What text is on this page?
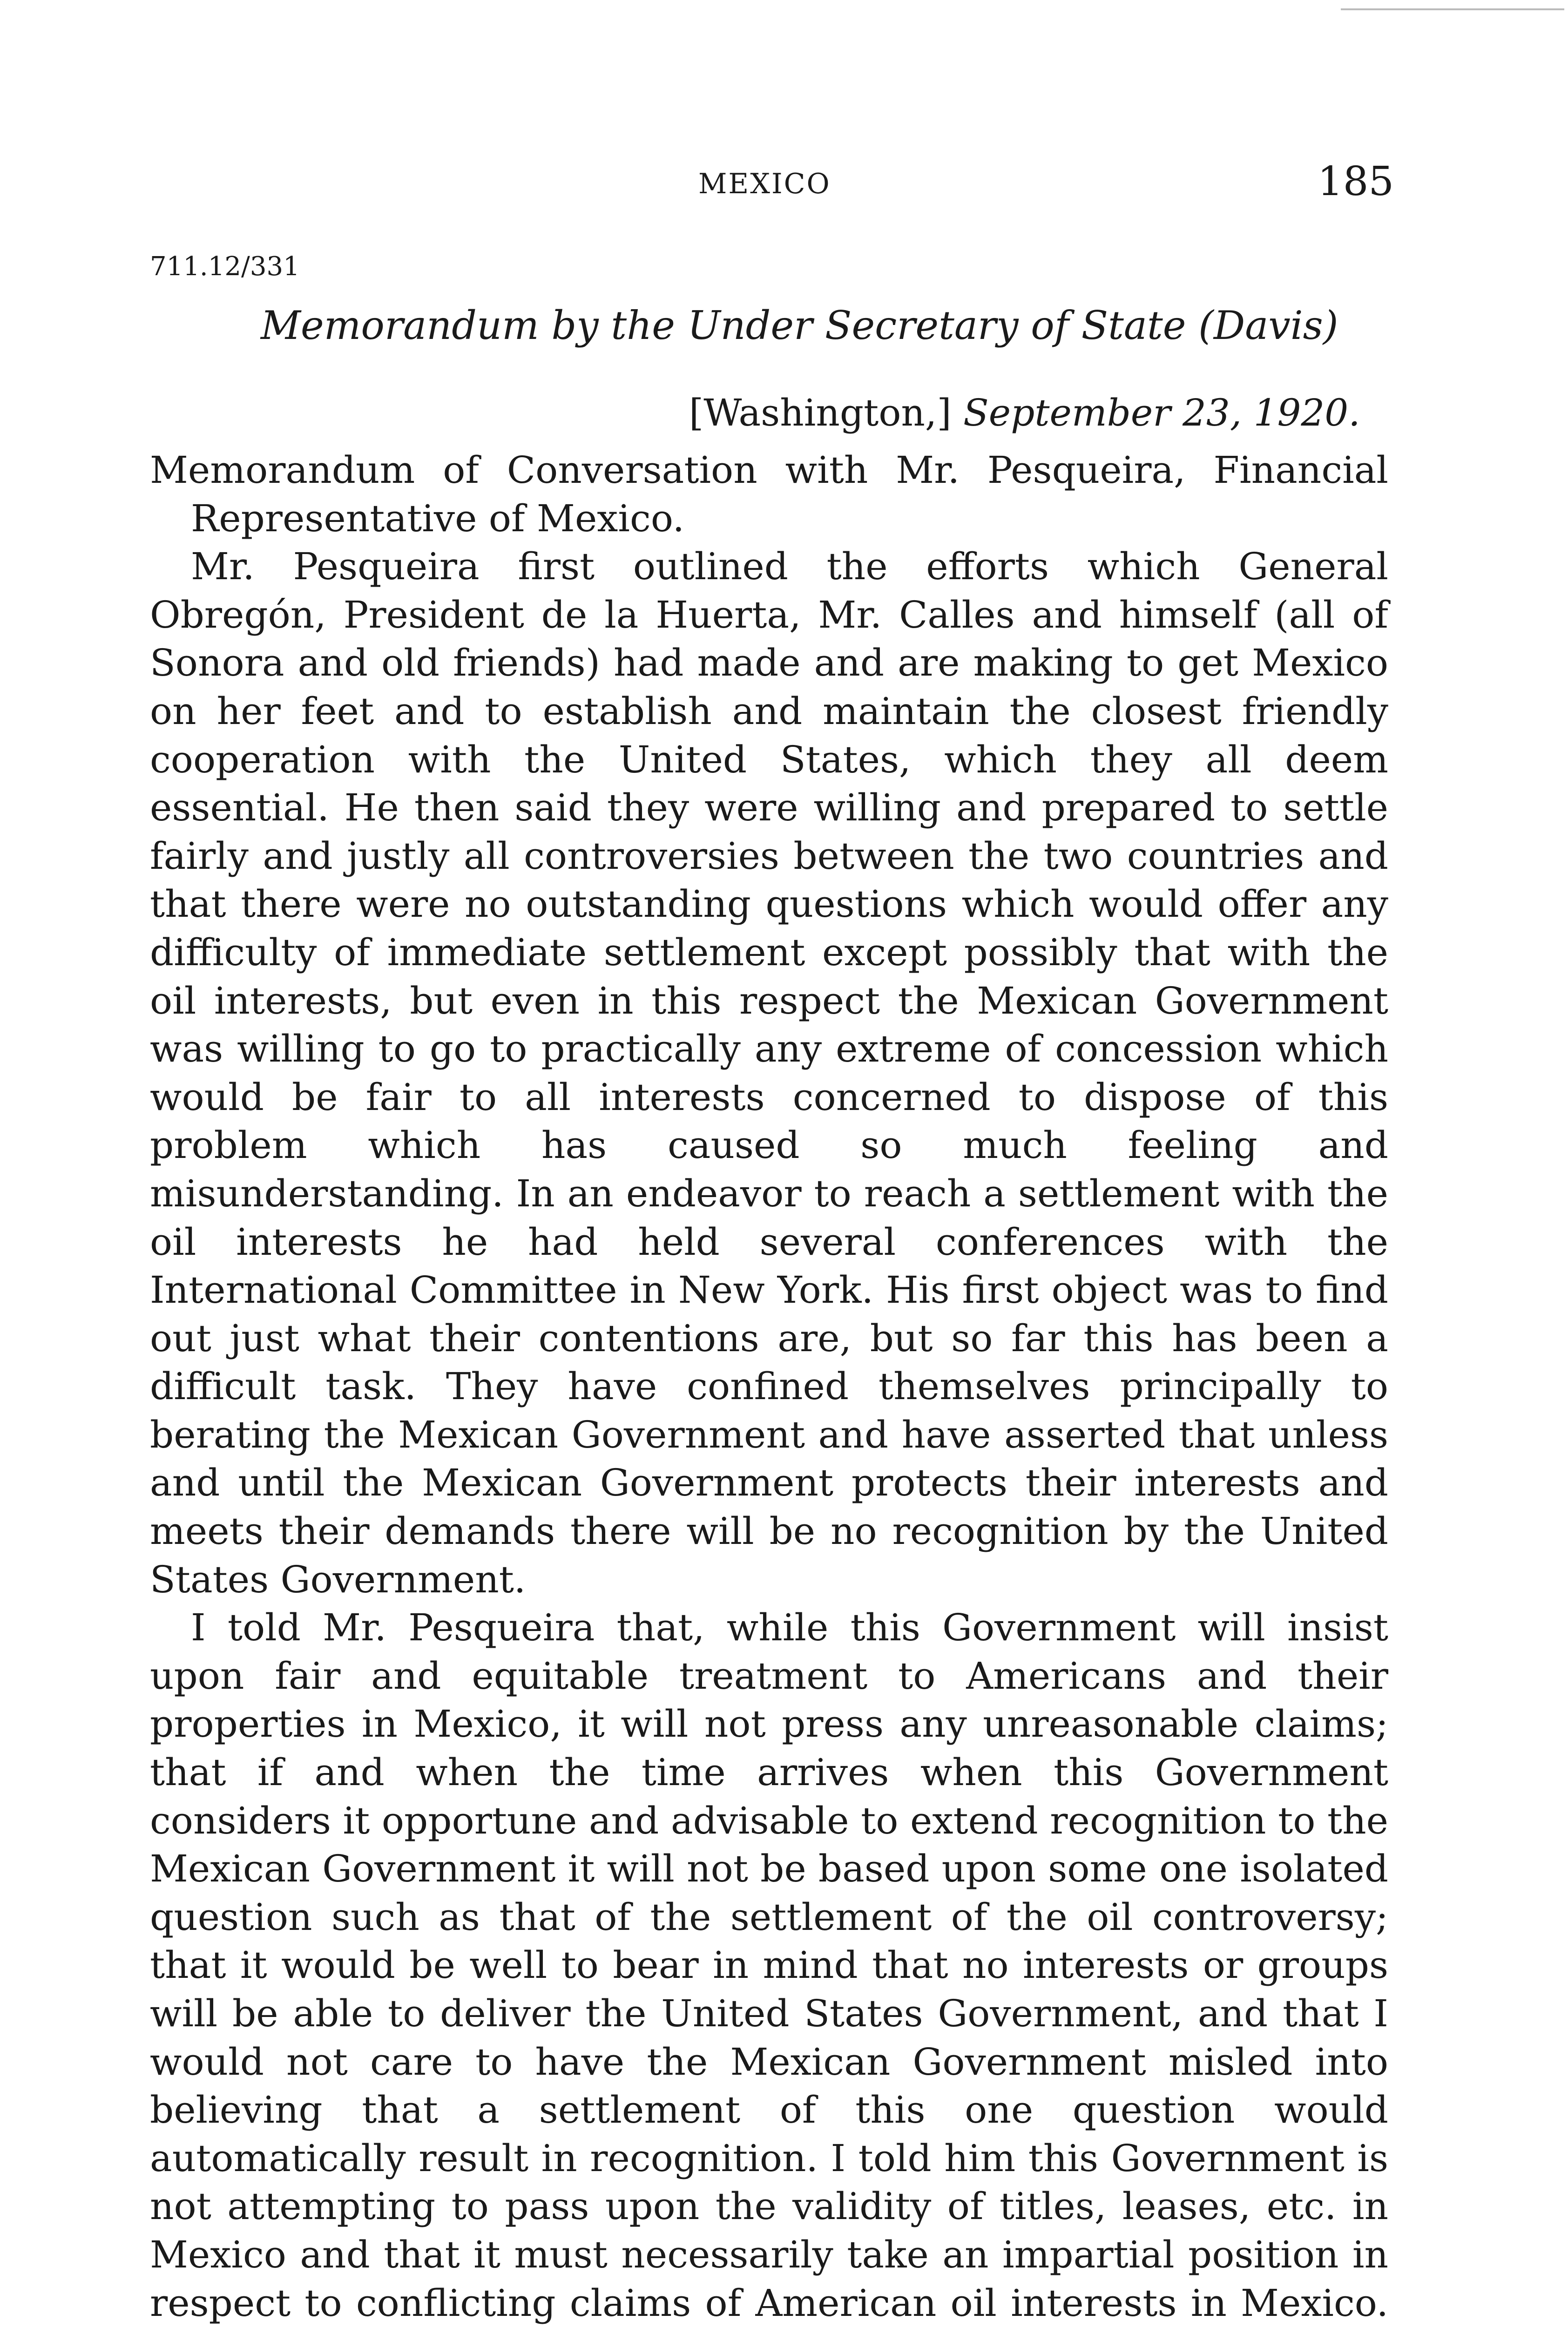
MEXICO	185
711.12/331
Memorandum by the Under Secretary of State (Davis)
[Washington,] September 23, 1920.

Memorandum of Conversation with Mr. Pesqueira, Financial Representative of Mexico.

Mr. Pesqueira first outlined the efforts which General Obregón, President de la Huerta, Mr. Calles and himself (all of Sonora and old friends) had made and are making to get Mexico on her feet and to establish and maintain the closest friendly cooperation with the United States, which they all deem essential. He then said they were willing and prepared to settle fairly and justly all controversies between the two countries and that there were no outstanding questions which would offer any difficulty of immediate settlement except possibly that with the oil interests, but even in this respect the Mexican Government was willing to go to practically any extreme of concession which would be fair to all interests concerned to dispose of this problem which has caused so much feeling and misunderstanding. In an endeavor to reach a settlement with the oil interests he had held several conferences with the International Committee in New York. His first object was to find out just what their contentions are, but so far this has been a difficult task. They have confined themselves principally to berating the Mexican Government and have asserted that unless and until the Mexican Government protects their interests and meets their demands there will be no recognition by the United States Government.

I told Mr. Pesqueira that, while this Government will insist upon fair and equitable treatment to Americans and their properties in Mexico, it will not press any unreasonable claims; that if and when the time arrives when this Government considers it opportune and advisable to extend recognition to the Mexican Government it will not be based upon some one isolated question such as that of the settlement of the oil controversy; that it would be well to bear in mind that no interests or groups will be able to deliver the United States Government, and that I would not care to have the Mexican Government misled into believing that a settlement of this one question would automatically result in recognition. I told him this Government is not attempting to pass upon the validity of titles, leases, etc. in Mexico and that it must necessarily take an impartial position in respect to conflicting claims of American oil interests in Mexico.
